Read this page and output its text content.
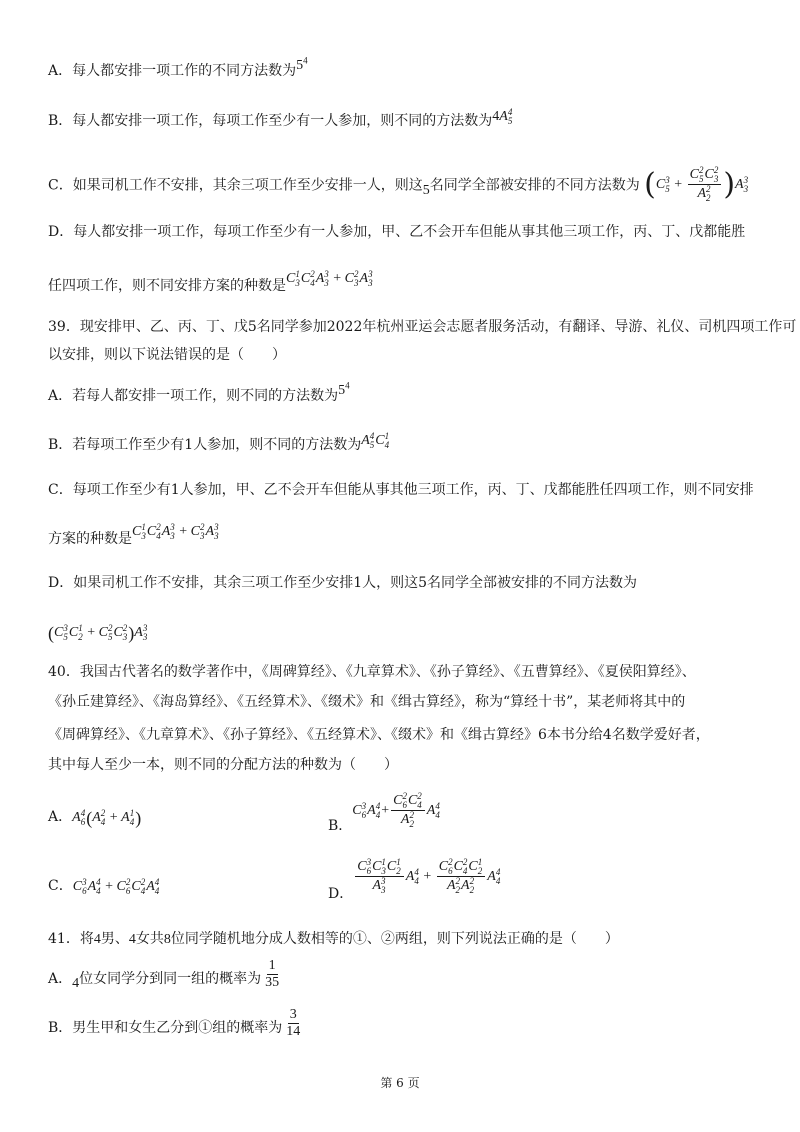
A．每人都安排一项工作的不同方法数为$5^4$
B．每人都安排一项工作，每项工作至少有一人参加，则不同的方法数为4A 4
5
C．如果司机工作不安排，其余三项工作至少安排一人，则这5名同学全部被安排的不同方法数为 (C 3
5 + C 2
5 C 2
3
A 2
2 )A 3
3
D．每人都安排一项工作，每项工作至少有一人参加，甲、乙不会开车但能从事其他三项工作，丙、丁、戊都能胜
任四项工作，则不同安排方案的种数是C 1
3 C 2
4 A 3
3 + C 2
3 A 3
3
39．现安排甲、乙、丙、丁、戊5名同学参加2022年杭州亚运会志愿者服务活动，有翻译、导游、礼仪、司机四项工作可
以安排，则以下说法错误的是（　　）
A．若每人都安排一项工作，则不同的方法数为$5^4$
B．若每项工作至少有1人参加，则不同的方法数为A 4
5 C 1
4
C．每项工作至少有1人参加，甲、乙不会开车但能从事其他三项工作，丙、丁、戊都能胜任四项工作，则不同安排
方案的种数是C 1
3 C 2
4 A 3
3 + C 2
3 A 3
3
D．如果司机工作不安排，其余三项工作至少安排1人，则这5名同学全部被安排的不同方法数为
(C 3
5 C 1
2 + C 2
5 C 2
3 )A 3
3
40．我国古代著名的数学著作中，《周碑算经》、《九章算术》、《孙子算经》、《五曹算经》、《夏侯阳算经》、
《孙丘建算经》、《海岛算经》、《五经算术》、《缀术》和《缉古算经》，称为“算经十书”，某老师将其中的
《周碑算经》、《九章算术》、《孙子算经》、《五经算术》、《缀术》和《缉古算经》6本书分给4名数学爱好者，
其中每人至少一本，则不同的分配方法的种数为（　　）
A．A 4
6 (A 2
4 + A 1
4 )	B．C 3
6 A 4
4 + C 2
6 C 2
4
A 2
2 A 4
4
C．C 3
6 A 4
4 + C 2
6 C 2
4 A 4
4	D． C 3
6 C 1
3 C 1
2
A 3
3 A 4
4 + C 2
6 C 2
4 C 1
2
A 2
2 A 2
2 A 4
4
41．将4男、4女共8位同学随机地分成人数相等的①、②两组，则下列说法正确的是（　　）
A．4位女同学分到同一组的概率为 $\frac{1}{35}$
B．男生甲和女生乙分到①组的概率为 $\frac{3}{14}$
第 6 页
